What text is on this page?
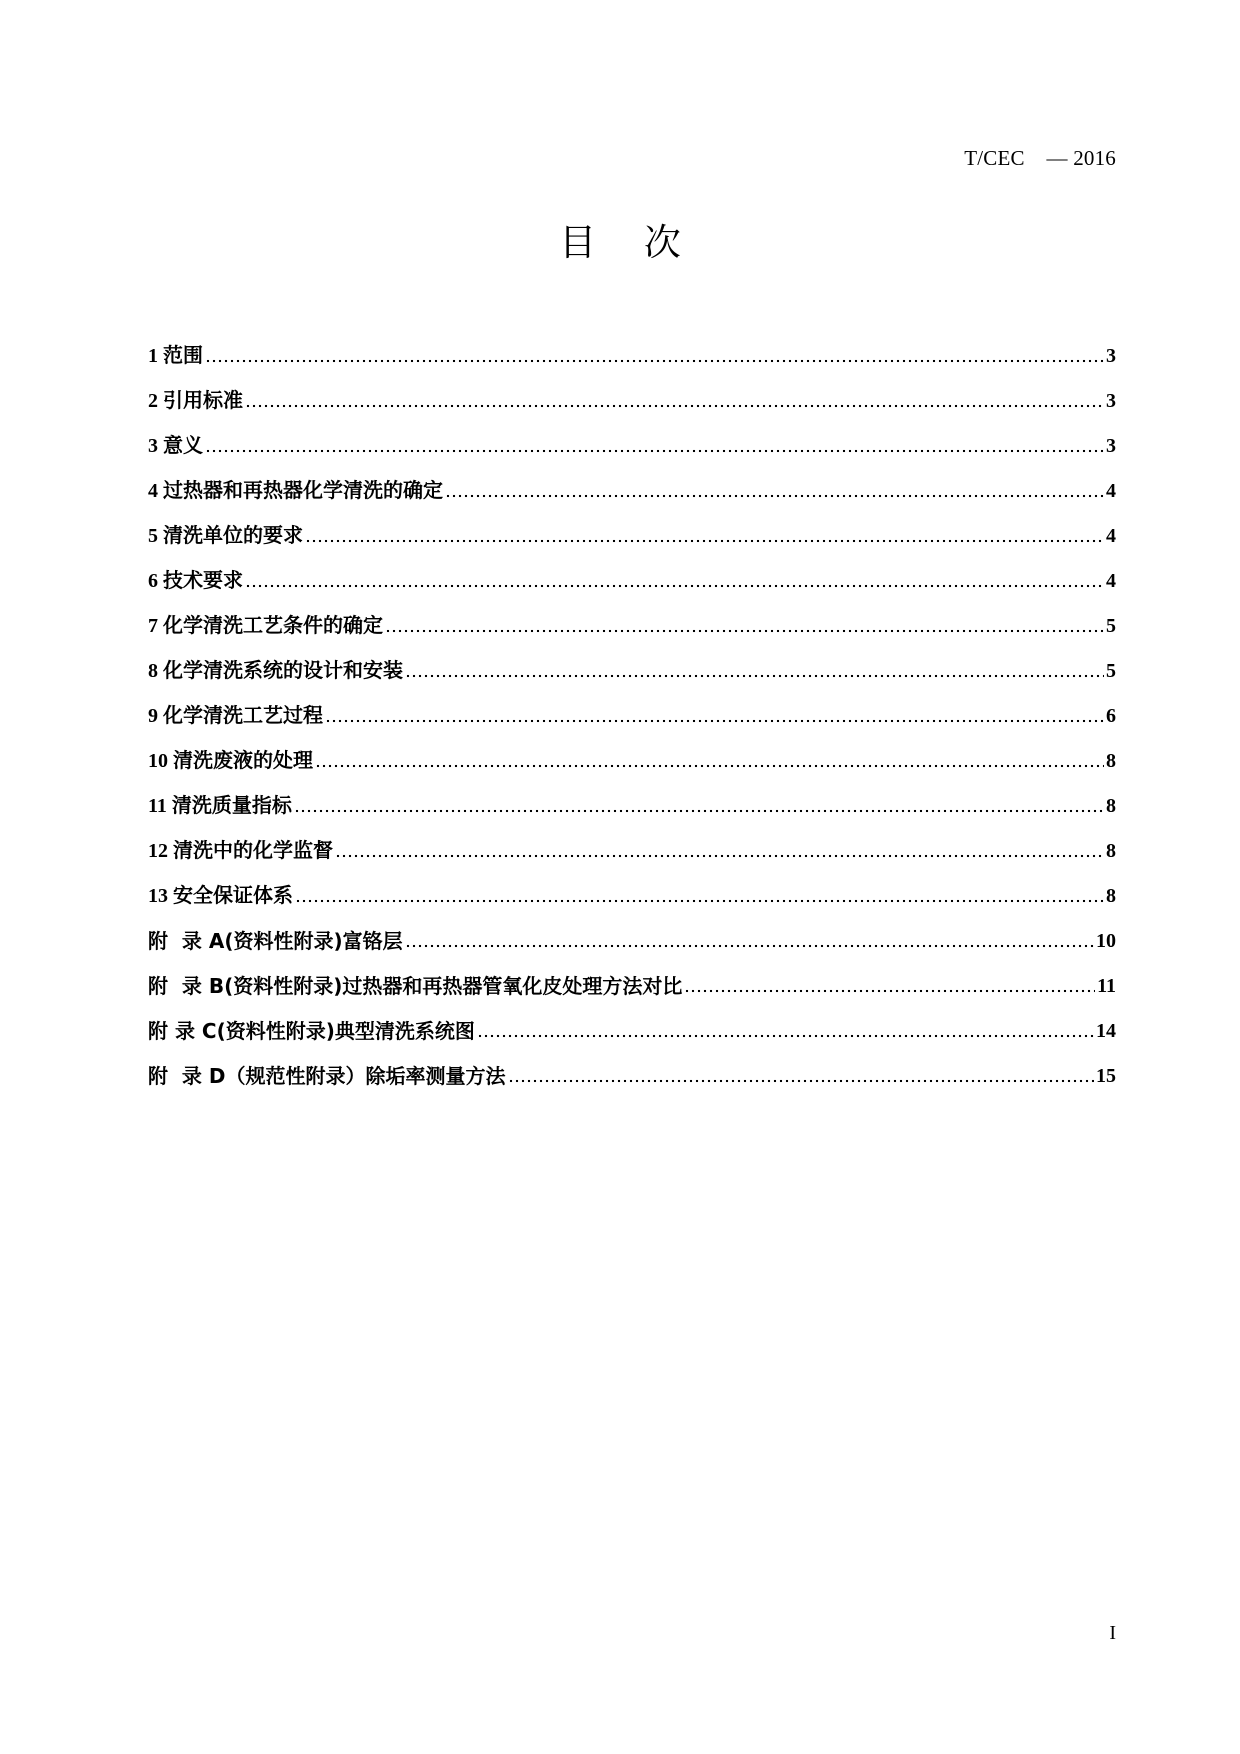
T/CEC    — 2016
目 次
1 范围	3
2 引用标准	3
3 意义	3
4 过热器和再热器化学清洗的确定	4
5 清洗单位的要求	4
6 技术要求	4
7 化学清洗工艺条件的确定	5
8 化学清洗系统的设计和安装	5
9 化学清洗工艺过程	6
10 清洗废液的处理	8
11 清洗质量指标	8
12 清洗中的化学监督	8
13 安全保证体系	8
附  录 A(资料性附录)富铬层	10
附  录 B(资料性附录)过热器和再热器管氧化皮处理方法对比	11
附 录 C(资料性附录)典型清洗系统图	14
附  录 D（规范性附录）除垢率测量方法	15
I
